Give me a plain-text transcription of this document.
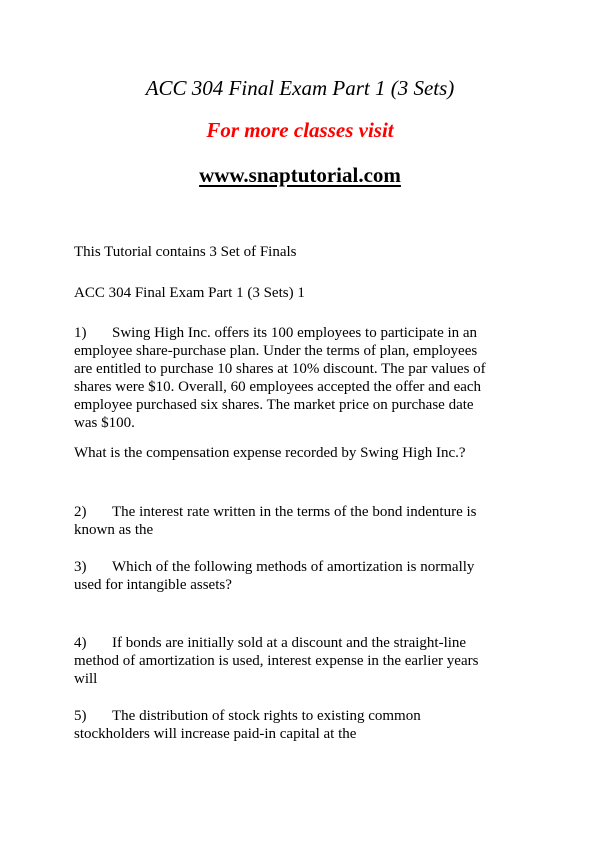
ACC 304 Final Exam Part 1 (3 Sets)
For more classes visit
www.snaptutorial.com
This Tutorial contains 3 Set of Finals
ACC 304 Final Exam Part 1 (3 Sets) 1
1) Swing High Inc. offers its 100 employees to participate in an
employee share-purchase plan. Under the terms of plan, employees
are entitled to purchase 10 shares at 10% discount. The par values of
shares were $10. Overall, 60 employees accepted the offer and each
employee purchased six shares. The market price on purchase date
was $100.
What is the compensation expense recorded by Swing High Inc.?
2) The interest rate written in the terms of the bond indenture is
known as the
3) Which of the following methods of amortization is normally
used for intangible assets?
4) If bonds are initially sold at a discount and the straight-line
method of amortization is used, interest expense in the earlier years
will
5) The distribution of stock rights to existing common
stockholders will increase paid-in capital at the
